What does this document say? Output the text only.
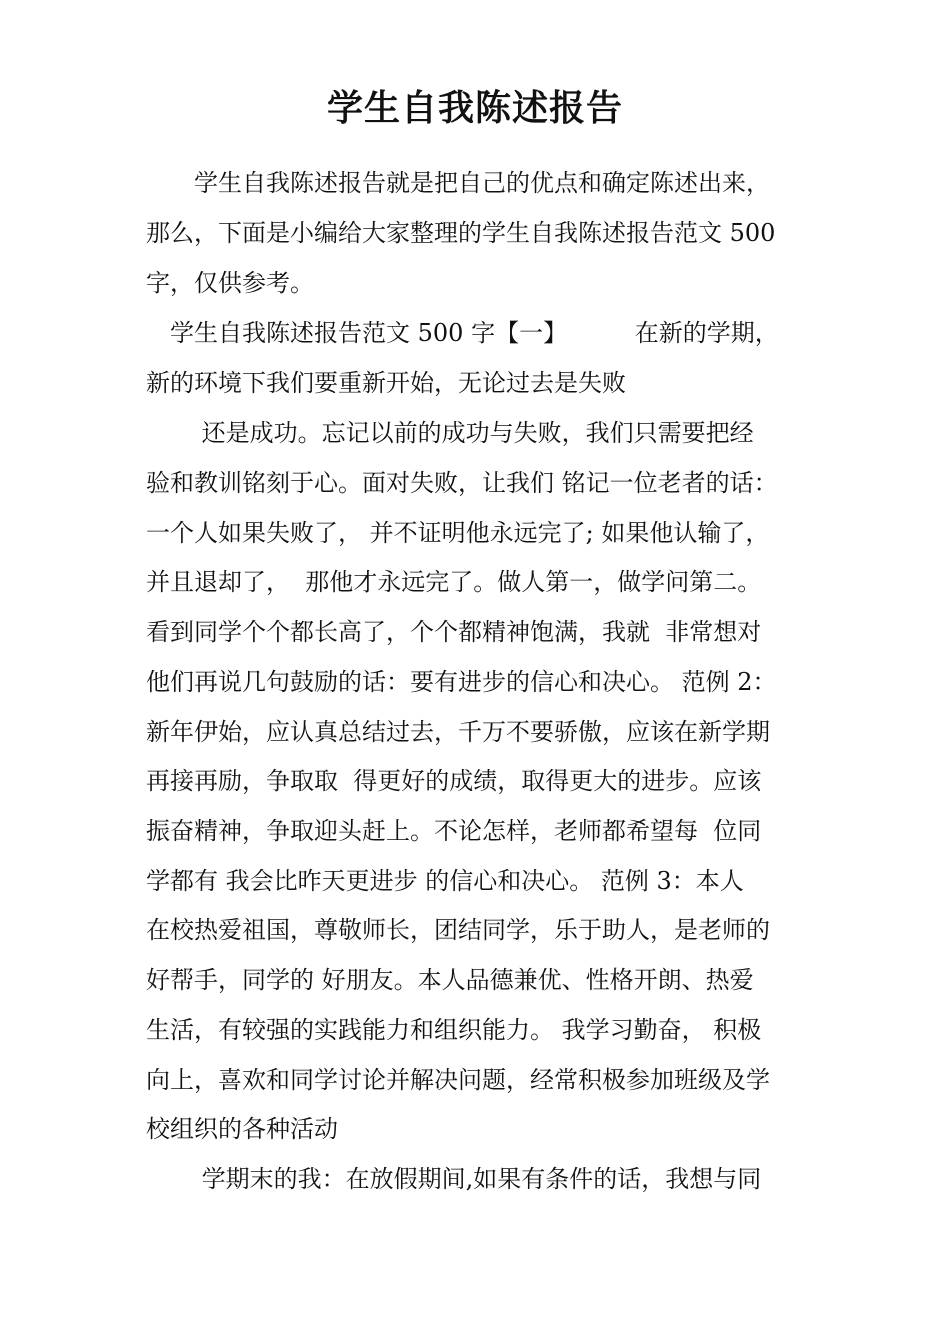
学生自我陈述报告
　　学生自我陈述报告就是把自己的优点和确定陈述出来，
那么，下面是小编给大家整理的学生自我陈述报告范文 500
字，仅供参考。
　学生自我陈述报告范文 500 字【一】　　　 在新的学期，
新的环境下我们要重新开始，无论过去是失败
　　 还是成功。忘记以前的成功与失败，我们只需要把经
验和教训铭刻于心。面对失败，让我们 铭记一位老者的话：
一个人如果失败了， 并不证明他永远完了; 如果他认输了，
并且退却了，  那他才永远完了。做人第一，做学问第二。
看到同学个个都长高了，个个都精神饱满，我就  非常想对
他们再说几句鼓励的话：要有进步的信心和决心。 范例 2：
新年伊始，应认真总结过去，千万不要骄傲，应该在新学期
再接再励，争取取  得更好的成绩，取得更大的进步。应该
振奋精神，争取迎头赶上。不论怎样，老师都希望每  位同
学都有 我会比昨天更进步 的信心和决心。 范例 3：本人
在校热爱祖国，尊敬师长，团结同学，乐于助人，是老师的
好帮手，同学的 好朋友。本人品德兼优、性格开朗、热爱
生活，有较强的实践能力和组织能力。 我学习勤奋， 积极
向上，喜欢和同学讨论并解决问题，经常积极参加班级及学
校组织的各种活动
　　 学期末的我：在放假期间,如果有条件的话，我想与同
